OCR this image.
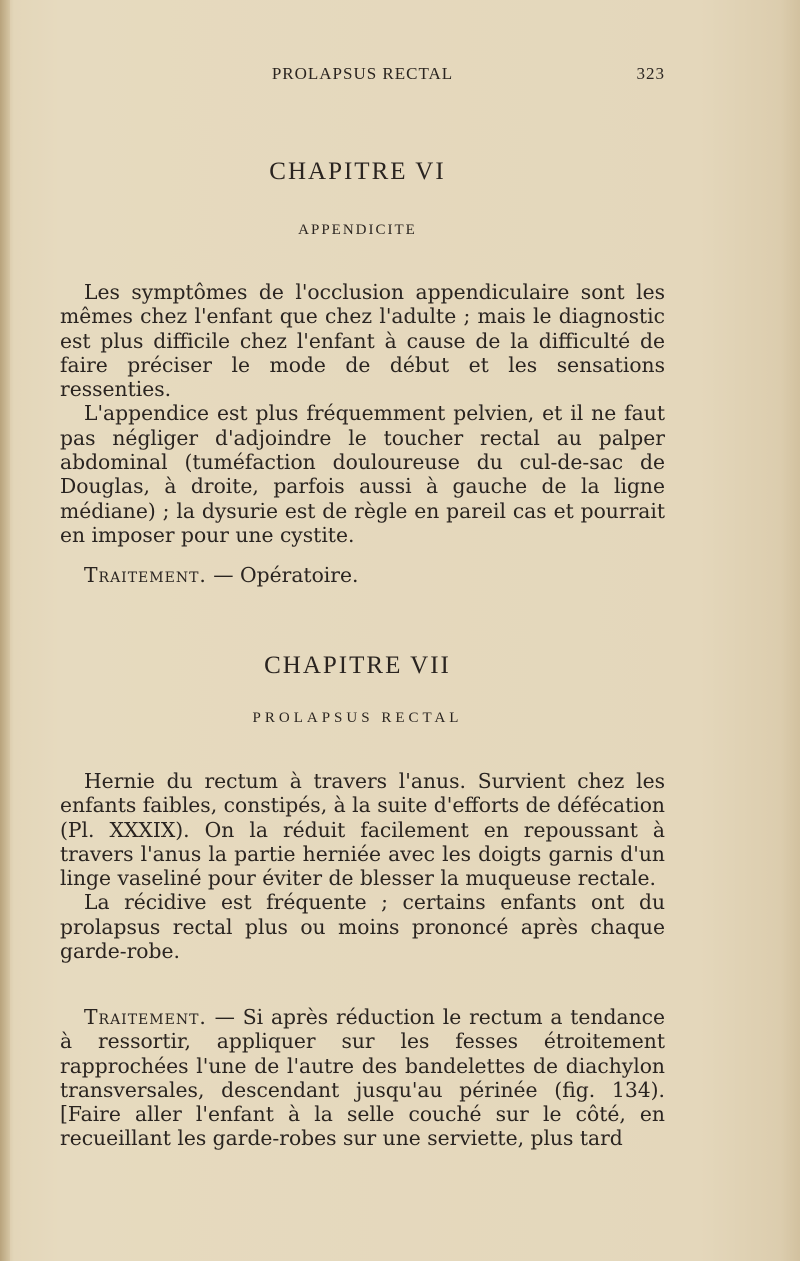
PROLAPSUS RECTAL	323
CHAPITRE VI
APPENDICITE

Les symptômes de l'occlusion appendiculaire sont les mêmes chez l'enfant que chez l'adulte ; mais le diagnostic est plus difficile chez l'enfant à cause de la difficulté de faire préciser le mode de début et les sensations ressenties.

L'appendice est plus fréquemment pelvien, et il ne faut pas négliger d'adjoindre le toucher rectal au palper abdominal (tuméfaction douloureuse du cul-de-sac de Douglas, à droite, parfois aussi à gauche de la ligne médiane) ; la dysurie est de règle en pareil cas et pourrait en imposer pour une cystite.

Traitement. — Opératoire.

CHAPITRE VII
PROLAPSUS RECTAL

Hernie du rectum à travers l'anus. Survient chez les enfants faibles, constipés, à la suite d'efforts de défécation (Pl. XXXIX). On la réduit facilement en repoussant à travers l'anus la partie herniée avec les doigts garnis d'un linge vaseliné pour éviter de blesser la muqueuse rectale.

La récidive est fréquente ; certains enfants ont du prolapsus rectal plus ou moins prononcé après chaque garde-robe.

Traitement. — Si après réduction le rectum a tendance à ressortir, appliquer sur les fesses étroitement rapprochées l'une de l'autre des bandelettes de diachylon transversales, descendant jusqu'au périnée (fig. 134). [Faire aller l'enfant à la selle couché sur le côté, en recueillant les garde-robes sur une serviette, plus tard
